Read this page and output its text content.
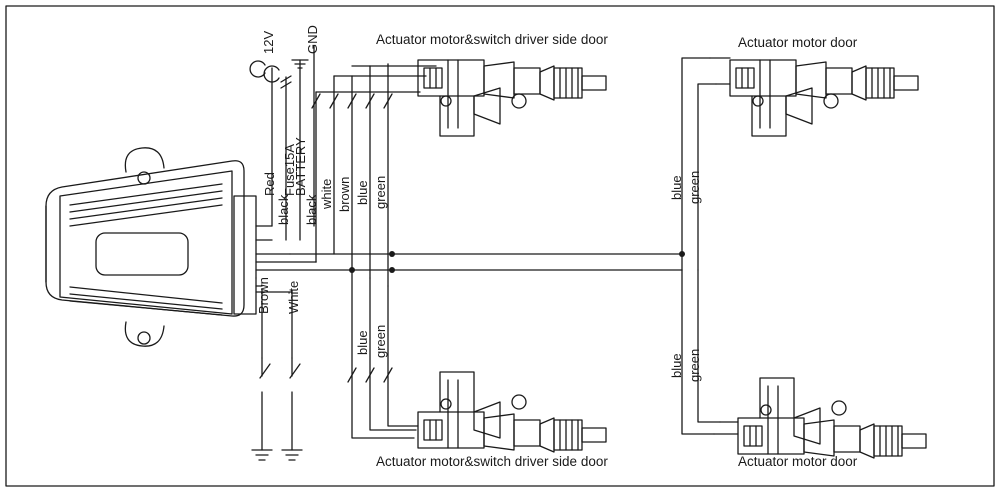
12V GND
Fuse15A
BATTERY
Red
black black
white brown blue green
blue green
blue green
blue green
Brown White
Actuator motor&switch driver side door	Actuator motor door
Actuator motor&switch driver side door	Actuator motor door
